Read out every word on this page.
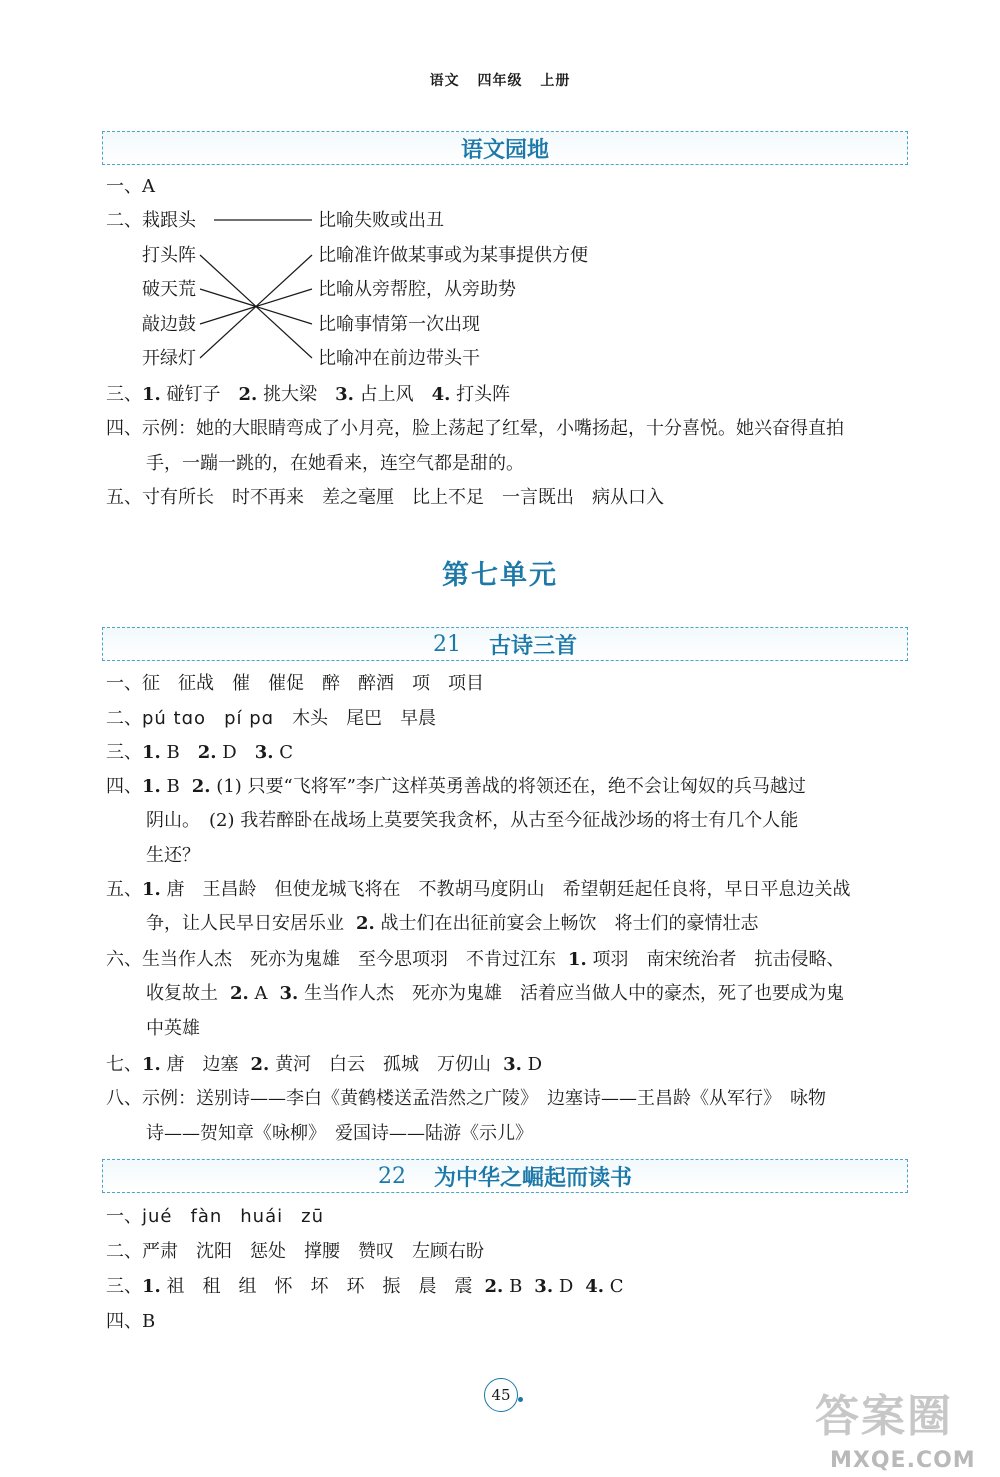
语文 四年级 上册
语文园地
一、A
二、栽跟头	比喻失败或出丑
打头阵	比喻准许做某事或为某事提供方便
破天荒	比喻从旁帮腔，从旁助势
敲边鼓	比喻事情第一次出现
开绿灯	比喻冲在前边带头干
三、1. 碰钉子 2. 挑大梁 3. 占上风 4. 打头阵
四、示例：她的大眼睛弯成了小月亮，脸上荡起了红晕，小嘴扬起，十分喜悦。她兴奋得直拍
手，一蹦一跳的，在她看来，连空气都是甜的。
五、寸有所长 时不再来 差之毫厘 比上不足 一言既出 病从口入
第七单元
21 古诗三首
一、征 征战 催 催促 醉 醉酒 项 项目
二、pú tɑo pí pɑ 木头 尾巴 早晨
三、1. B 2. D 3. C
四、1. B 2. (1) 只要“飞将军”李广这样英勇善战的将领还在，绝不会让匈奴的兵马越过
阴山。　(2) 我若醉卧在战场上莫要笑我贪杯，从古至今征战沙场的将士有几个人能
生还？
五、1. 唐　王昌龄　但使龙城飞将在　不教胡马度阴山　希望朝廷起任良将，早日平息边关战
争，让人民早日安居乐业 2. 战士们在出征前宴会上畅饮　将士们的豪情壮志
六、生当作人杰　死亦为鬼雄　至今思项羽　不肯过江东 1. 项羽　南宋统治者　抗击侵略、
收复故土 2. A 3. 生当作人杰　死亦为鬼雄　活着应当做人中的豪杰，死了也要成为鬼
中英雄
七、1. 唐　边塞 2. 黄河　白云　孤城　万仞山 3. D
八、示例：送别诗——李白《黄鹤楼送孟浩然之广陵》　边塞诗——王昌龄《从军行》　咏物
诗——贺知章《咏柳》　爱国诗——陆游《示儿》
22 为中华之崛起而读书
一、jué fàn huái zū
二、严肃 沈阳 惩处 撑腰 赞叹 左顾右盼
三、1. 祖 租 组 怀 坏 环 振 晨 震 2. B 3. D 4. C
四、B
45	答案圈
MXQE.COM
